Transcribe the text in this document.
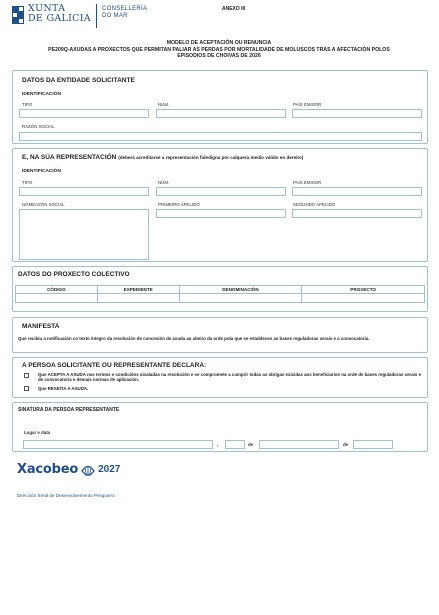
XUNTA
DE GALICIA
CONSELLERÍA
DO MAR
ANEXO III
MODELO DE ACEPTACIÓN OU RENUNCIA
PE209Q-AXUDAS A PROXECTOS QUE PERMITAN PALIAR AS PERDAS POR MORTALIDADE DE MOLUSCOS TRAS A AFECTACIÓN POLOS
EPISODIOS DE CHOIVAS DE 2026
DATOS DA ENTIDADE SOLICITANTE
IDENTIFICACIÓN
TIPO	NÚM.	PAÍS EMISOR
RAZÓN SOCIAL
E, NA SÚA REPRESENTACIÓN (deberá acreditarse a representación fidedigna por calquera medio válido en dereito)
IDENTIFICACIÓN
TIPO	NÚM.	PAÍS EMISOR
NOMEAZÓN SOCIAL	PRIMEIRO APELIDO	SEGUNDO APELIDO
DATOS DO PROXECTO COLECTIVO
CÓDIGO	EXPEDIENTE	DENOMINACIÓN	PROXECTO

MANIFESTA
Que recibiu a notificación co texto íntegro da resolución de concesión de axuda ao abeiro da orde pola que se establecen as bases reguladoras xerais e a convocatoria.
A PERSOA SOLICITANTE OU REPRESENTANTE DECLARA:
Que ACEPTA A AXUDA nos termos e condicións sinaladas na resolución e se compromete a cumprir todas as obrigas exixidas aos beneficiarios na orde de bases reguladoras xerais e de convocatoria e demais normas de aplicación.
Que REXEITA A AXUDA.
SINATURA DA PERSOA REPRESENTANTE
Lugar e data
,	de	de
Xacobeo 2027
Dirección Xeral de Desenvolvemento Pesqueiro
